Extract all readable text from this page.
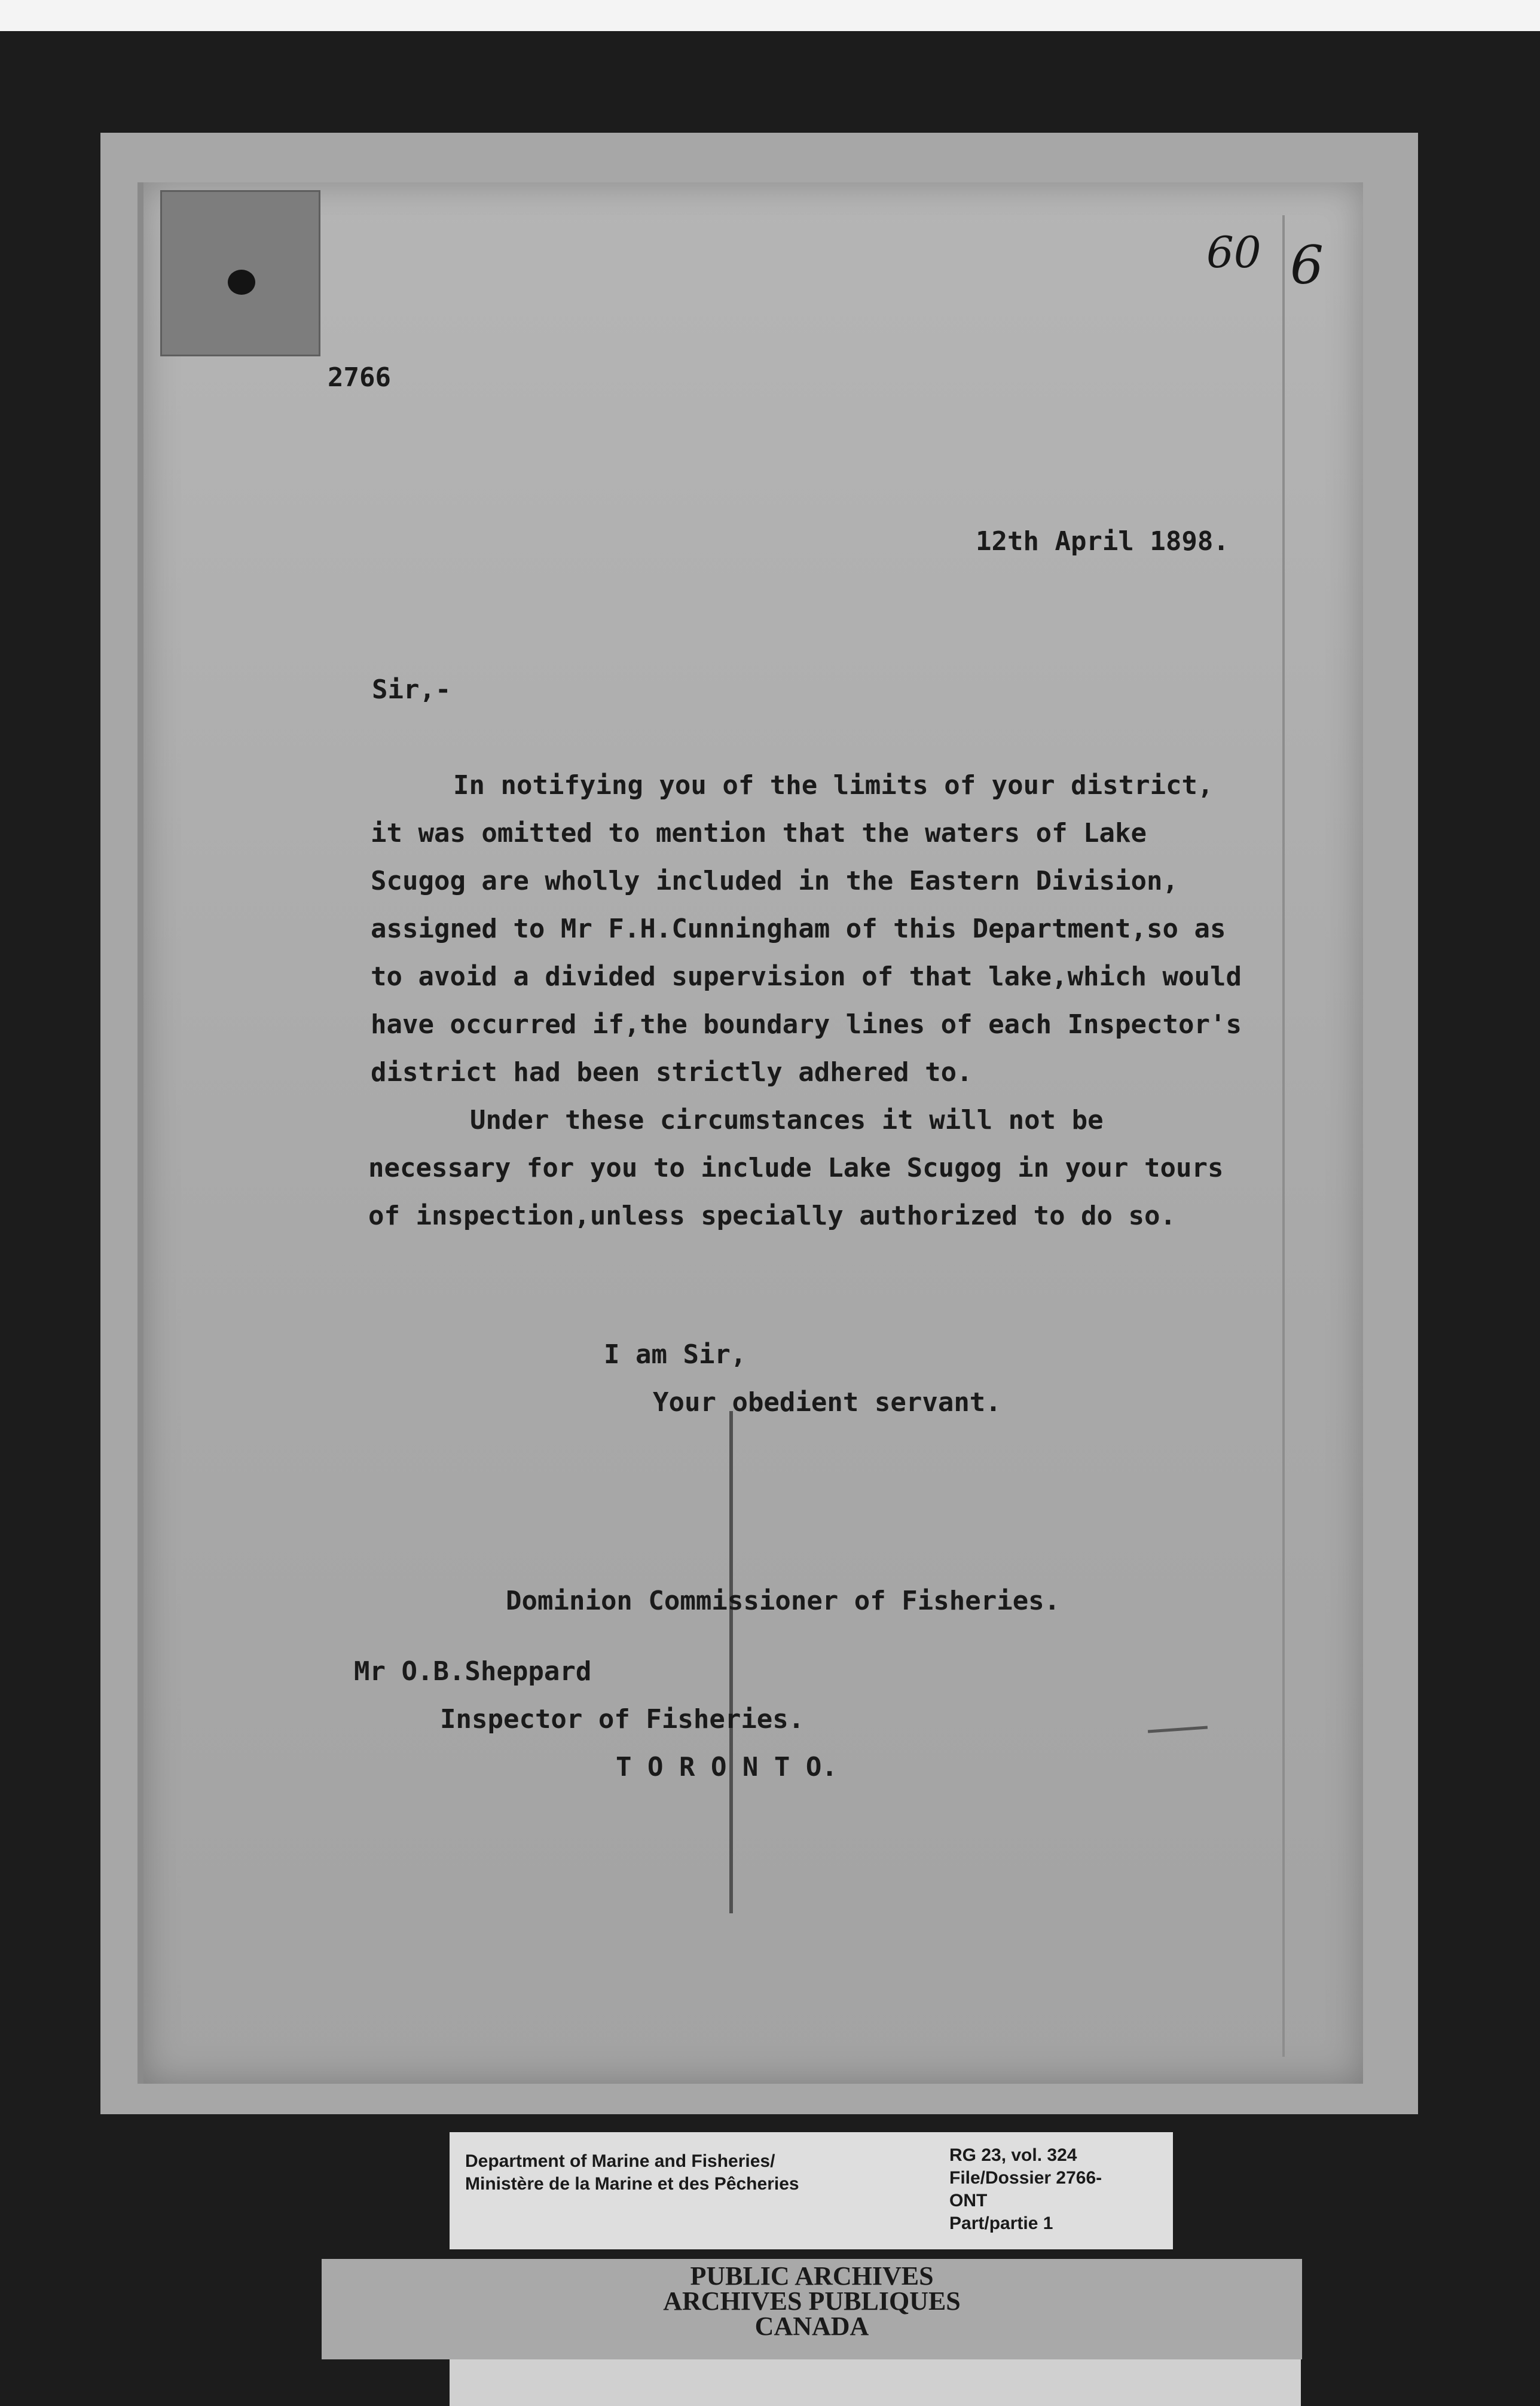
60 6
2766
12th April 1898.
Sir,-
In notifying you of the limits of your district,
it was omitted to mention that the waters of Lake
Scugog are wholly included in the Eastern Division,
assigned to Mr F.H.Cunningham of this Department,so as
to avoid a divided supervision of that lake,which would
have occurred if,the boundary lines of each Inspector's
district had been strictly adhered to.
Under these circumstances it will not be
necessary for you to include Lake Scugog in your tours
of inspection,unless specially authorized to do so.
I am Sir,
Your obedient servant.
Dominion Commissioner of Fisheries.
Mr O.B.Sheppard
Inspector of Fisheries.
T O R O N T O.
Department of Marine and Fisheries/
Ministère de la Marine et des Pêcheries
RG 23, vol. 324
File/Dossier 2766-
ONT
Part/partie 1
PUBLIC ARCHIVES
ARCHIVES PUBLIQUES
CANADA
